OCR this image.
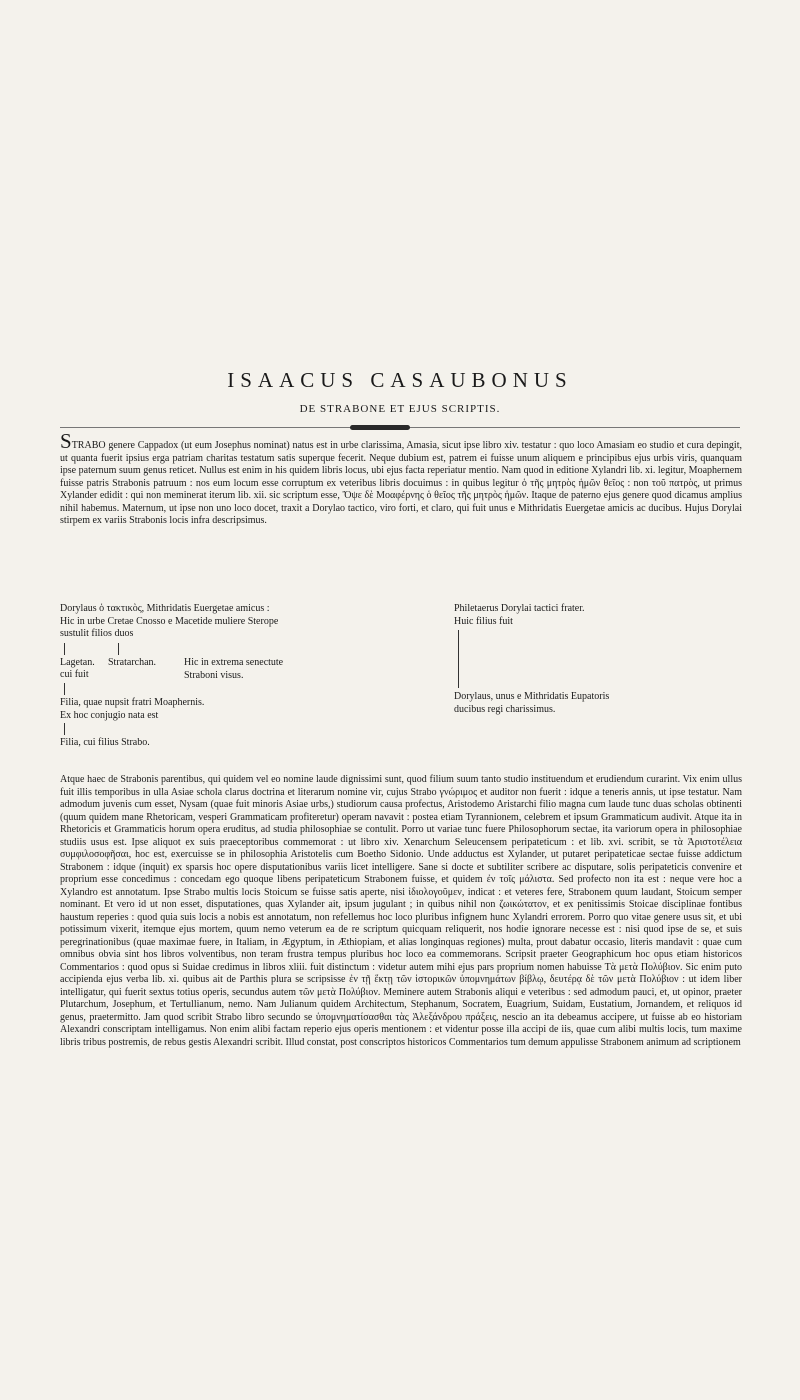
ISAACUS CASAUBONUS
DE STRABONE ET EJUS SCRIPTIS.
STRABO genere Cappadox (ut eum Josephus nominat) natus est in urbe clarissima, Amasia, sicut ipse libro xiv. testatur : quo loco Amasiam eo studio et cura depingit, ut quanta fuerit ipsius erga patriam charitas testatum satis superque fecerit. Neque dubium est, patrem ei fuisse unum aliquem e principibus ejus urbis viris, quanquam ipse paternum suum genus reticet. Nullus est enim in his quidem libris locus, ubi ejus facta reperiatur mentio. Nam quod in editione Xylandri lib. xi. legitur, Moaphernem fuisse patris Strabonis patruum : nos eum locum esse corruptum ex veteribus libris docuimus : in quibus legitur ὁ τῆς μητρὸς ἡμῶν θεῖος : non τοῦ πατρὸς, ut primus Xylander edidit : qui non meminerat iterum lib. xii. sic scriptum esse, Ὄψε δὲ Μοαφέρνης ὁ θεῖος τῆς μητρὸς ἡμῶν. Itaque de paterno ejus genere quod dicamus amplius nihil habemus. Maternum, ut ipse non uno loco docet, traxit a Dorylao tactico, viro forti, et claro, qui fuit unus e Mithridatis Euergetae amicis ac ducibus. Hujus Dorylai stirpem ex variis Strabonis locis infra descripsimus.
Dorylaus ὁ τακτικὸς, Mithridatis Euergetae amicus :
Hic in urbe Cretae Cnosso e Macetide muliere Sterope
sustulit filios duos
Lagetan. Stratarchan.	Hic in extrema senectute
Straboni visus.
cui fuit
Filia, quae nupsit fratri Moaphernis.
Ex hoc conjugio nata est
Filia, cui filius Strabo.
Philetaerus Dorylai tactici frater.
Huic filius fuit
Dorylaus, unus e Mithridatis Eupatoris
ducibus regi charissimus.
Atque haec de Strabonis parentibus, qui quidem vel eo nomine laude dignissimi sunt, quod filium suum tanto studio instituendum et erudiendum curarint. Vix enim ullus fuit illis temporibus in ulla Asiae schola clarus doctrina et literarum nomine vir, cujus Strabo γνώριμος et auditor non fuerit : idque a teneris annis, ut ipse testatur. Nam admodum juvenis cum esset, Nysam (quae fuit minoris Asiae urbs,) studiorum causa profectus, Aristodemo Aristarchi filio magna cum laude tunc duas scholas obtinenti (quum quidem mane Rhetoricam, vesperi Grammaticam profiteretur) operam navavit : postea etiam Tyrannionem, celebrem et ipsum Grammaticum audivit. Atque ita in Rhetoricis et Grammaticis horum opera eruditus, ad studia philosophiae se contulit. Porro ut variae tunc fuere Philosophorum sectae, ita variorum opera in philosophiae studiis usus est. Ipse aliquot ex suis praeceptoribus commemorat : ut libro xiv. Xenarchum Seleucensem peripateticum : et lib. xvi. scribit, se τὰ Ἀριστοτέλεια συμφιλοσοφῆσαι, hoc est, exercuisse se in philosophia Aristotelis cum Boetho Sidonio. Unde adductus est Xylander, ut putaret peripateticae sectae fuisse addictum Strabonem : idque (inquit) ex sparsis hoc opere disputationibus variis licet intelligere. Sane si docte et subtiliter scribere ac disputare, solis peripateticis convenire et proprium esse concedimus : concedam ego quoque libens peripateticum Strabonem fuisse, et quidem ἐν τοῖς μάλιστα. Sed profecto non ita est : neque vere hoc a Xylandro est annotatum. Ipse Strabo multis locis Stoicum se fuisse satis aperte, nisi ἰδιολογοῦμεν, indicat : et veteres fere, Strabonem quum laudant, Stoicum semper nominant. Et vero id ut non esset, disputationes, quas Xylander ait, ipsum jugulant ; in quibus nihil non ζωικώτατον, et ex penitissimis Stoicae disciplinae fontibus haustum reperies : quod quia suis locis a nobis est annotatum, non refellemus hoc loco pluribus infignem hunc Xylandri errorem. Porro quo vitae genere usus sit, et ubi potissimum vixerit, itemque ejus mortem, quum nemo veterum ea de re scriptum quicquam reliquerit, nos hodie ignorare necesse est : nisi quod ipse de se, et suis peregrinationibus (quae maximae fuere, in Italiam, in Ægyptum, in Æthiopiam, et alias longinquas regiones) multa, prout dabatur occasio, literis mandavit : quae cum omnibus obvia sint hos libros volventibus, non teram frustra tempus pluribus hoc loco ea commemorans. Scripsit praeter Geographicum hoc opus etiam historicos Commentarios : quod opus si Suidae credimus in libros xliii. fuit distinctum : videtur autem mihi ejus pars proprium nomen habuisse Τὰ μετὰ Πολύβιον. Sic enim puto accipienda ejus verba lib. xi. quibus ait de Parthis plura se scripsisse ἐν τῇ ἕκτῃ τῶν ἱστορικῶν ὑπομνημάτων βίβλῳ, δευτέρᾳ δὲ τῶν μετὰ Πολύβιον : ut idem liber intelligatur, qui fuerit sextus totius operis, secundus autem τῶν μετὰ Πολύβιον. Meminere autem Strabonis aliqui e veteribus : sed admodum pauci, et, ut opinor, praeter Plutarchum, Josephum, et Tertullianum, nemo. Nam Julianum quidem Architectum, Stephanum, Socratem, Euagrium, Suidam, Eustatium, Jornandem, et reliquos id genus, praetermitto. Jam quod scribit Strabo libro secundo se ὑπομνηματίσασθαι τὰς Ἀλεξάνδρου πράξεις, nescio an ita debeamus accipere, ut fuisse ab eo historiam Alexandri conscriptam intelligamus. Non enim alibi factam reperio ejus operis mentionem : et videntur posse illa accipi de iis, quae cum alibi multis locis, tum maxime libris tribus postremis, de rebus gestis Alexandri scribit. Illud constat, post conscriptos historicos Commentarios tum demum appulisse Strabonem animum ad scriptionem
